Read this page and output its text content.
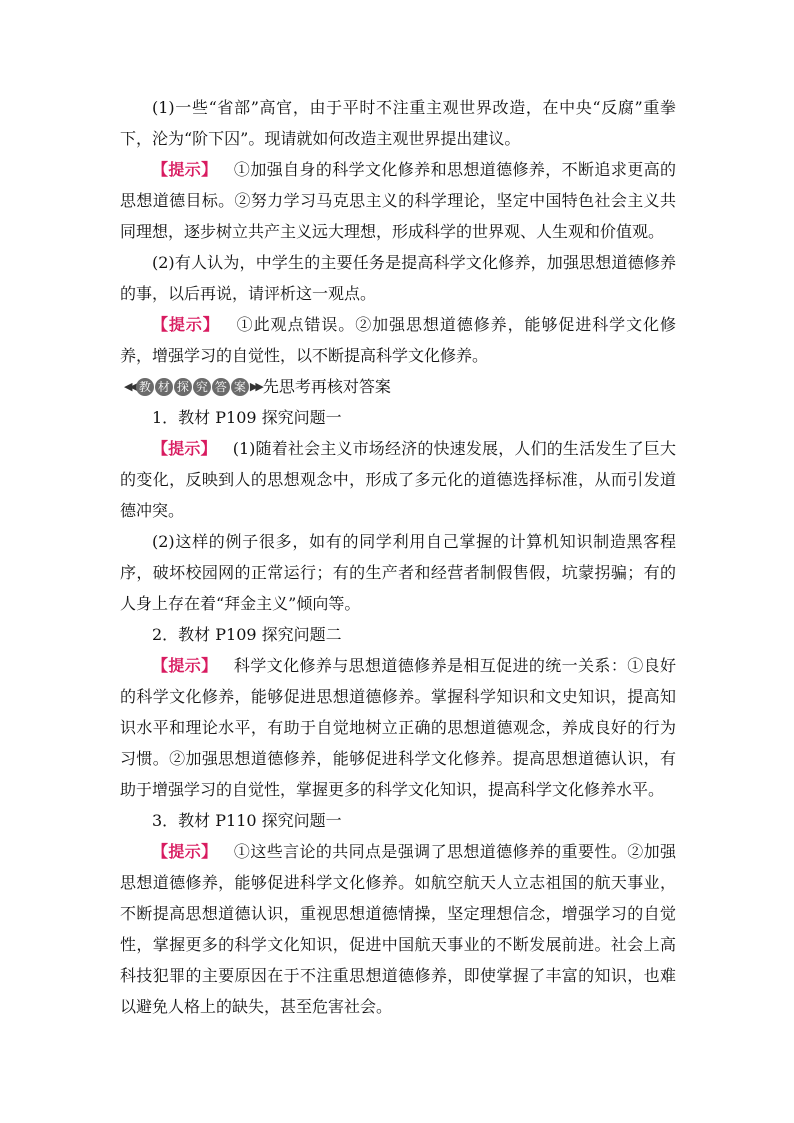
(1)一些“省部”高官，由于平时不注重主观世界改造，在中央“反腐”重拳下，沦为“阶下囚”。现请就如何改造主观世界提出建议。

【提示】 ①加强自身的科学文化修养和思想道德修养，不断追求更高的思想道德目标。②努力学习马克思主义的科学理论，坚定中国特色社会主义共同理想，逐步树立共产主义远大理想，形成科学的世界观、人生观和价值观。

(2)有人认为，中学生的主要任务是提高科学文化修养，加强思想道德修养的事，以后再说，请评析这一观点。

【提示】 ①此观点错误。②加强思想道德修养，能够促进科学文化修养，增强学习的自觉性，以不断提高科学文化修养。

◀◀ 教 材 探 究 答 案 ▶▶ 先思考再核对答案

1．教材 P109 探究问题一

【提示】 (1)随着社会主义市场经济的快速发展，人们的生活发生了巨大的变化，反映到人的思想观念中，形成了多元化的道德选择标准，从而引发道德冲突。

(2)这样的例子很多，如有的同学利用自己掌握的计算机知识制造黑客程序，破坏校园网的正常运行；有的生产者和经营者制假售假，坑蒙拐骗；有的人身上存在着“拜金主义”倾向等。

2．教材 P109 探究问题二

【提示】 科学文化修养与思想道德修养是相互促进的统一关系：①良好的科学文化修养，能够促进思想道德修养。掌握科学知识和文史知识，提高知识水平和理论水平，有助于自觉地树立正确的思想道德观念，养成良好的行为习惯。②加强思想道德修养，能够促进科学文化修养。提高思想道德认识，有助于增强学习的自觉性，掌握更多的科学文化知识，提高科学文化修养水平。

3．教材 P110 探究问题一

【提示】 ①这些言论的共同点是强调了思想道德修养的重要性。②加强思想道德修养，能够促进科学文化修养。如航空航天人立志祖国的航天事业，不断提高思想道德认识，重视思想道德情操，坚定理想信念，增强学习的自觉性，掌握更多的科学文化知识，促进中国航天事业的不断发展前进。社会上高科技犯罪的主要原因在于不注重思想道德修养，即使掌握了丰富的知识，也难以避免人格上的缺失，甚至危害社会。
